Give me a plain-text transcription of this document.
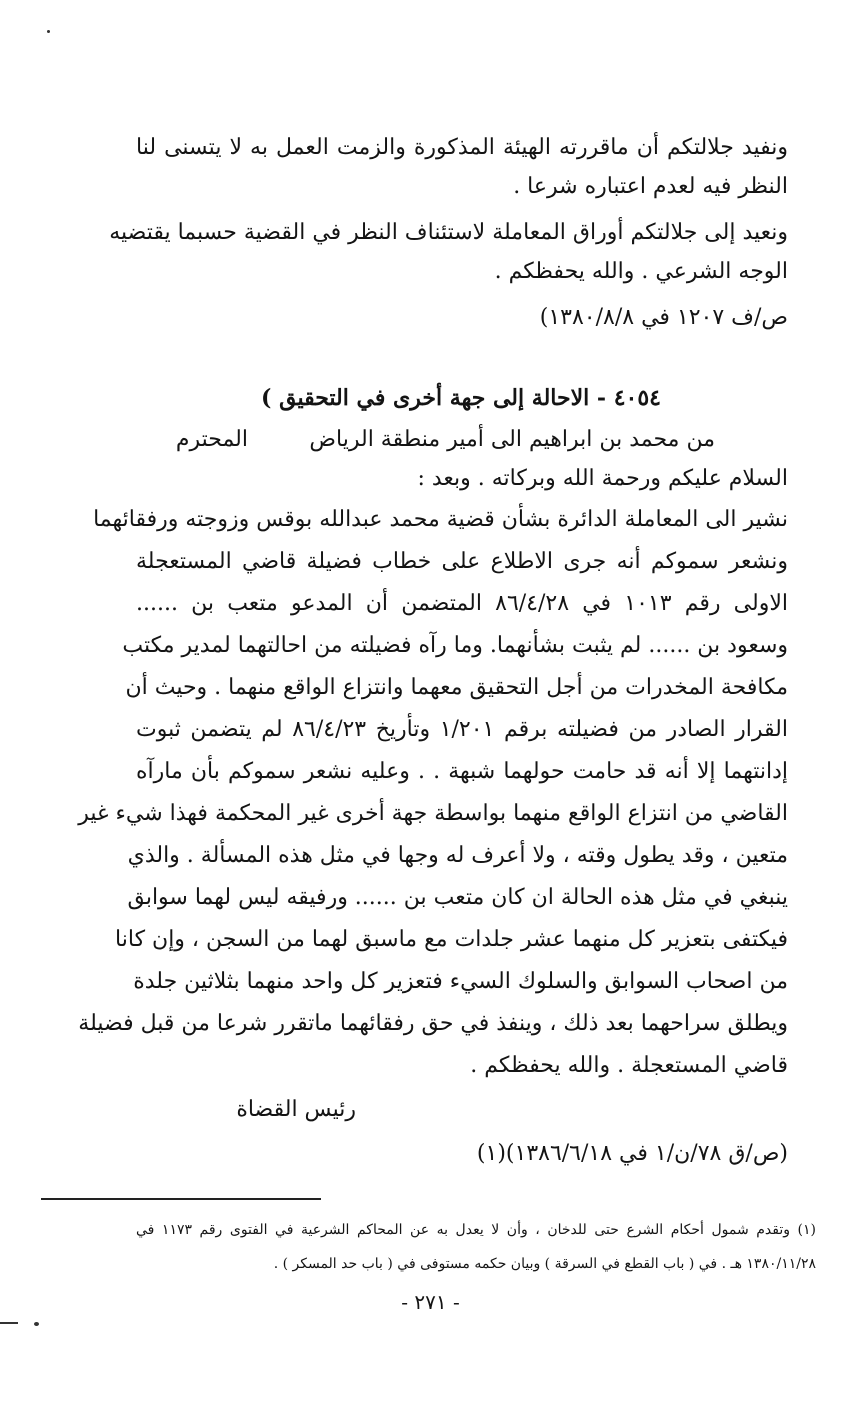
ونفيد جلالتكم أن ماقررته الهيئة المذكورة والزمت العمل به لا يتسنى لنا
النظر فيه لعدم اعتباره شرعا .
ونعيد إلى جلالتكم أوراق المعاملة لاستئناف النظر في القضية حسبما يقتضيه
الوجه الشرعي . والله يحفظكم .
ص/ف ١٢٠٧ في ١٣٨٠/٨/٨)
٤٠٥٤ - الاحالة إلى جهة أخرى في التحقيق )
من محمد بن ابراهيم الى أمير منطقة الرياض
المحترم
السلام عليكم ورحمة الله وبركاته . وبعد :
نشير الى المعاملة الدائرة بشأن قضية محمد عبدالله بوقس وزوجته ورفقائهما
ونشعر سموكم أنه جرى الاطلاع على خطاب فضيلة قاضي المستعجلة
الاولى رقم ١٠١٣ في ٨٦/٤/٢٨ المتضمن أن المدعو متعب بن ......
وسعود بن ...... لم يثبت بشأنهما. وما رآه فضيلته من احالتهما لمدير مكتب
مكافحة المخدرات من أجل التحقيق معهما وانتزاع الواقع منهما . وحيث أن
القرار الصادر من فضيلته برقم ١/٢٠١ وتأريخ ٨٦/٤/٢٣ لم يتضمن ثبوت
إدانتهما إلا أنه قد حامت حولهما شبهة . . وعليه نشعر سموكم بأن مارآه
القاضي من انتزاع الواقع منهما بواسطة جهة أخرى غير المحكمة فهذا شيء غير
متعين ، وقد يطول وقته ، ولا أعرف له وجها في مثل هذه المسألة . والذي
ينبغي في مثل هذه الحالة ان كان متعب بن ...... ورفيقه ليس لهما سوابق
فيكتفى بتعزير كل منهما عشر جلدات مع ماسبق لهما من السجن ، وإن كانا
من اصحاب السوابق والسلوك السيء فتعزير كل واحد منهما بثلاثين جلدة
ويطلق سراحهما بعد ذلك ، وينفذ في حق رفقائهما ماتقرر شرعا من قبل فضيلة
قاضي المستعجلة . والله يحفظكم .
رئيس القضاة
(ص/ق ٧٨/ن/١ في ١٣٨٦/٦/١٨)(١)
(١) وتقدم شمول أحكام الشرع حتى للدخان ، وأن لا يعدل به عن المحاكم الشرعية في الفتوى رقم ١١٧٣ في
١٣٨٠/١١/٢٨ هـ . في ( باب القطع في السرقة ) وبيان حكمه مستوفى في ( باب حد المسكر ) .
- ٢٧١ -
